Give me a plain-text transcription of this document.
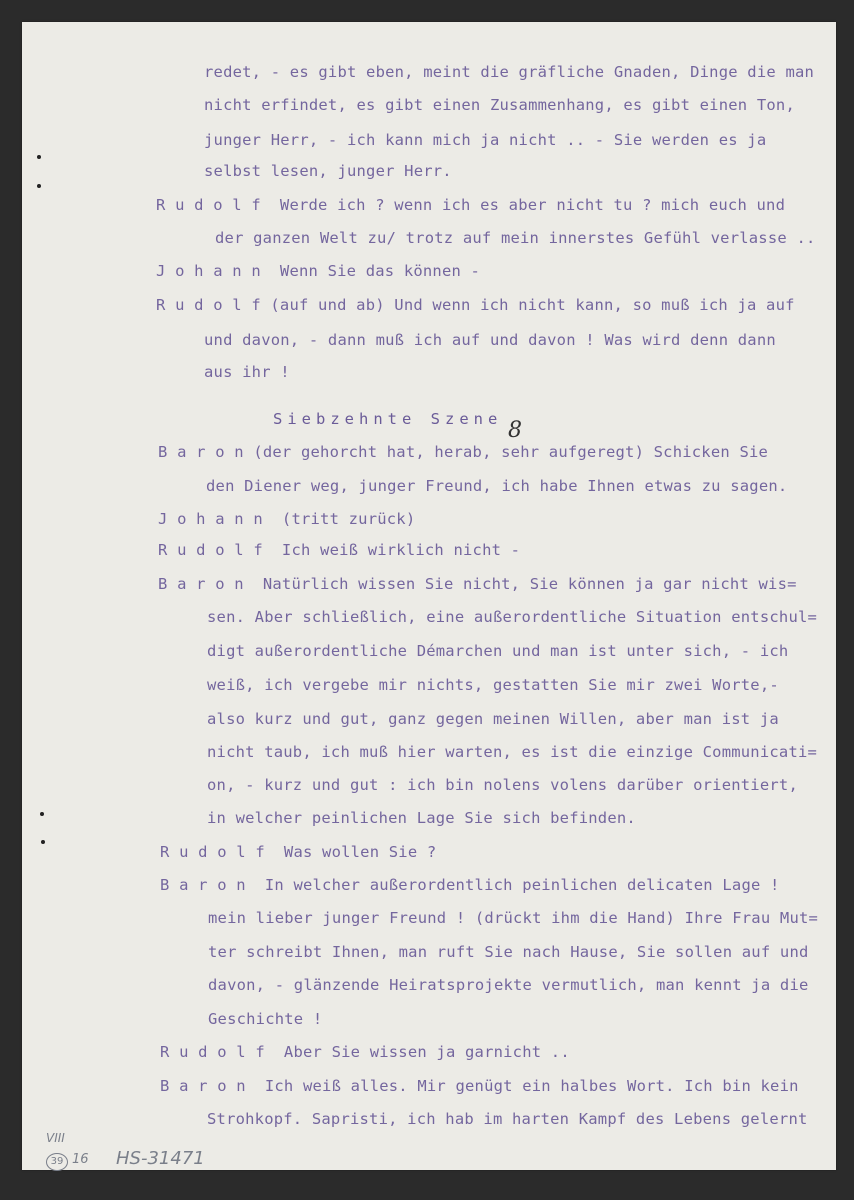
redet, - es gibt eben, meint die gräfliche Gnaden, Dinge die man
nicht erfindet, es gibt einen Zusammenhang, es gibt einen Ton,
junger Herr, - ich kann mich ja nicht .. - Sie werden es ja
selbst lesen, junger Herr.
R u d o l f  Werde ich ? wenn ich es aber nicht tu ? mich euch und
der ganzen Welt zu/ trotz auf mein innerstes Gefühl verlasse ..
J o h a n n  Wenn Sie das können -
R u d o l f (auf und ab) Und wenn ich nicht kann, so muß ich ja auf
und davon, - dann muß ich auf und davon ! Was wird denn dann
aus ihr !
Siebzehnte Szene 8
B a r o n (der gehorcht hat, herab, sehr aufgeregt) Schicken Sie
den Diener weg, junger Freund, ich habe Ihnen etwas zu sagen.
J o h a n n  (tritt zurück)
R u d o l f  Ich weiß wirklich nicht -
B a r o n  Natürlich wissen Sie nicht, Sie können ja gar nicht wis=
sen. Aber schließlich, eine außerordentliche Situation entschul=
digt außerordentliche Démarchen und man ist unter sich, - ich
weiß, ich vergebe mir nichts, gestatten Sie mir zwei Worte,-
also kurz und gut, ganz gegen meinen Willen, aber man ist ja
nicht taub, ich muß hier warten, es ist die einzige Communicati=
on, - kurz und gut : ich bin nolens volens darüber orientiert,
in welcher peinlichen Lage Sie sich befinden.
R u d o l f  Was wollen Sie ?
B a r o n  In welcher außerordentlich peinlichen delicaten Lage !
mein lieber junger Freund ! (drückt ihm die Hand) Ihre Frau Mut=
ter schreibt Ihnen, man ruft Sie nach Hause, Sie sollen auf und
davon, - glänzende Heiratsprojekte vermutlich, man kennt ja die
Geschichte !
R u d o l f  Aber Sie wissen ja garnicht ..
B a r o n  Ich weiß alles. Mir genügt ein halbes Wort. Ich bin kein
Strohkopf. Sapristi, ich hab im harten Kampf des Lebens gelernt
VIII
39 16 HS-31471
